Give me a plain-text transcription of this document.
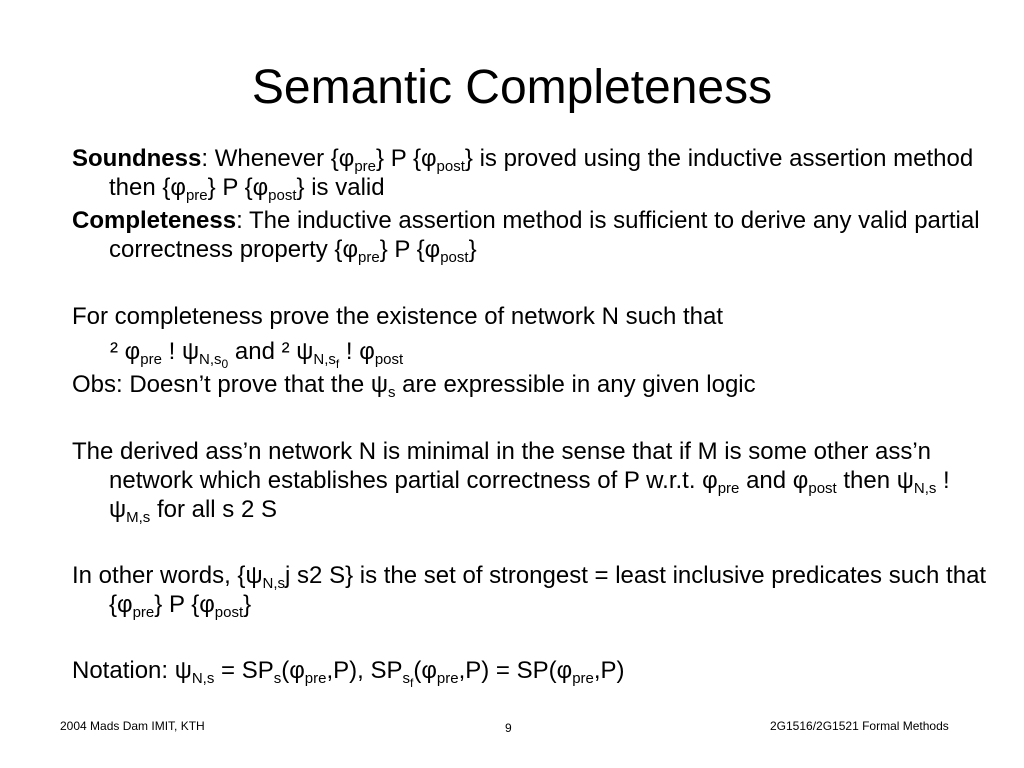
Semantic Completeness
Soundness: Whenever $\{\varphi_{pre}\}$ P $\{\varphi_{post}\}$ is proved using the inductive assertion method then $\{\varphi_{pre}\}$ P $\{\varphi_{post}\}$ is valid
Completeness: The inductive assertion method is sufficient to derive any valid partial correctness property $\{\varphi_{pre}\}$ P $\{\varphi_{post}\}$
For completeness prove the existence of network N such that
² $\varphi_{pre}$ ! $\psi_{N,s_0}$ and ² $\psi_{N,s_f}$ ! $\varphi_{post}$
Obs: Doesn’t prove that the $\psi_s$ are expressible in any given logic
The derived ass’n network N is minimal in the sense that if M is some other ass’n network which establishes partial correctness of P w.r.t. $\varphi_{pre}$ and $\varphi_{post}$ then $\psi_{N,s}$ ! $\psi_{M,s}$ for all s 2 S
In other words, {$\psi_{N,s}j$ s2 S} is the set of strongest = least inclusive predicates such that $\{\varphi_{pre}\}$ P $\{\varphi_{post}\}$
Notation: $\psi_{N,s} = SP_s(\varphi_{pre},P)$, $SP_{s_f}(\varphi_{pre},P) = SP(\varphi_{pre},P)$
2004 Mads Dam IMIT, KTH	9	2G1516/2G1521 Formal Methods
